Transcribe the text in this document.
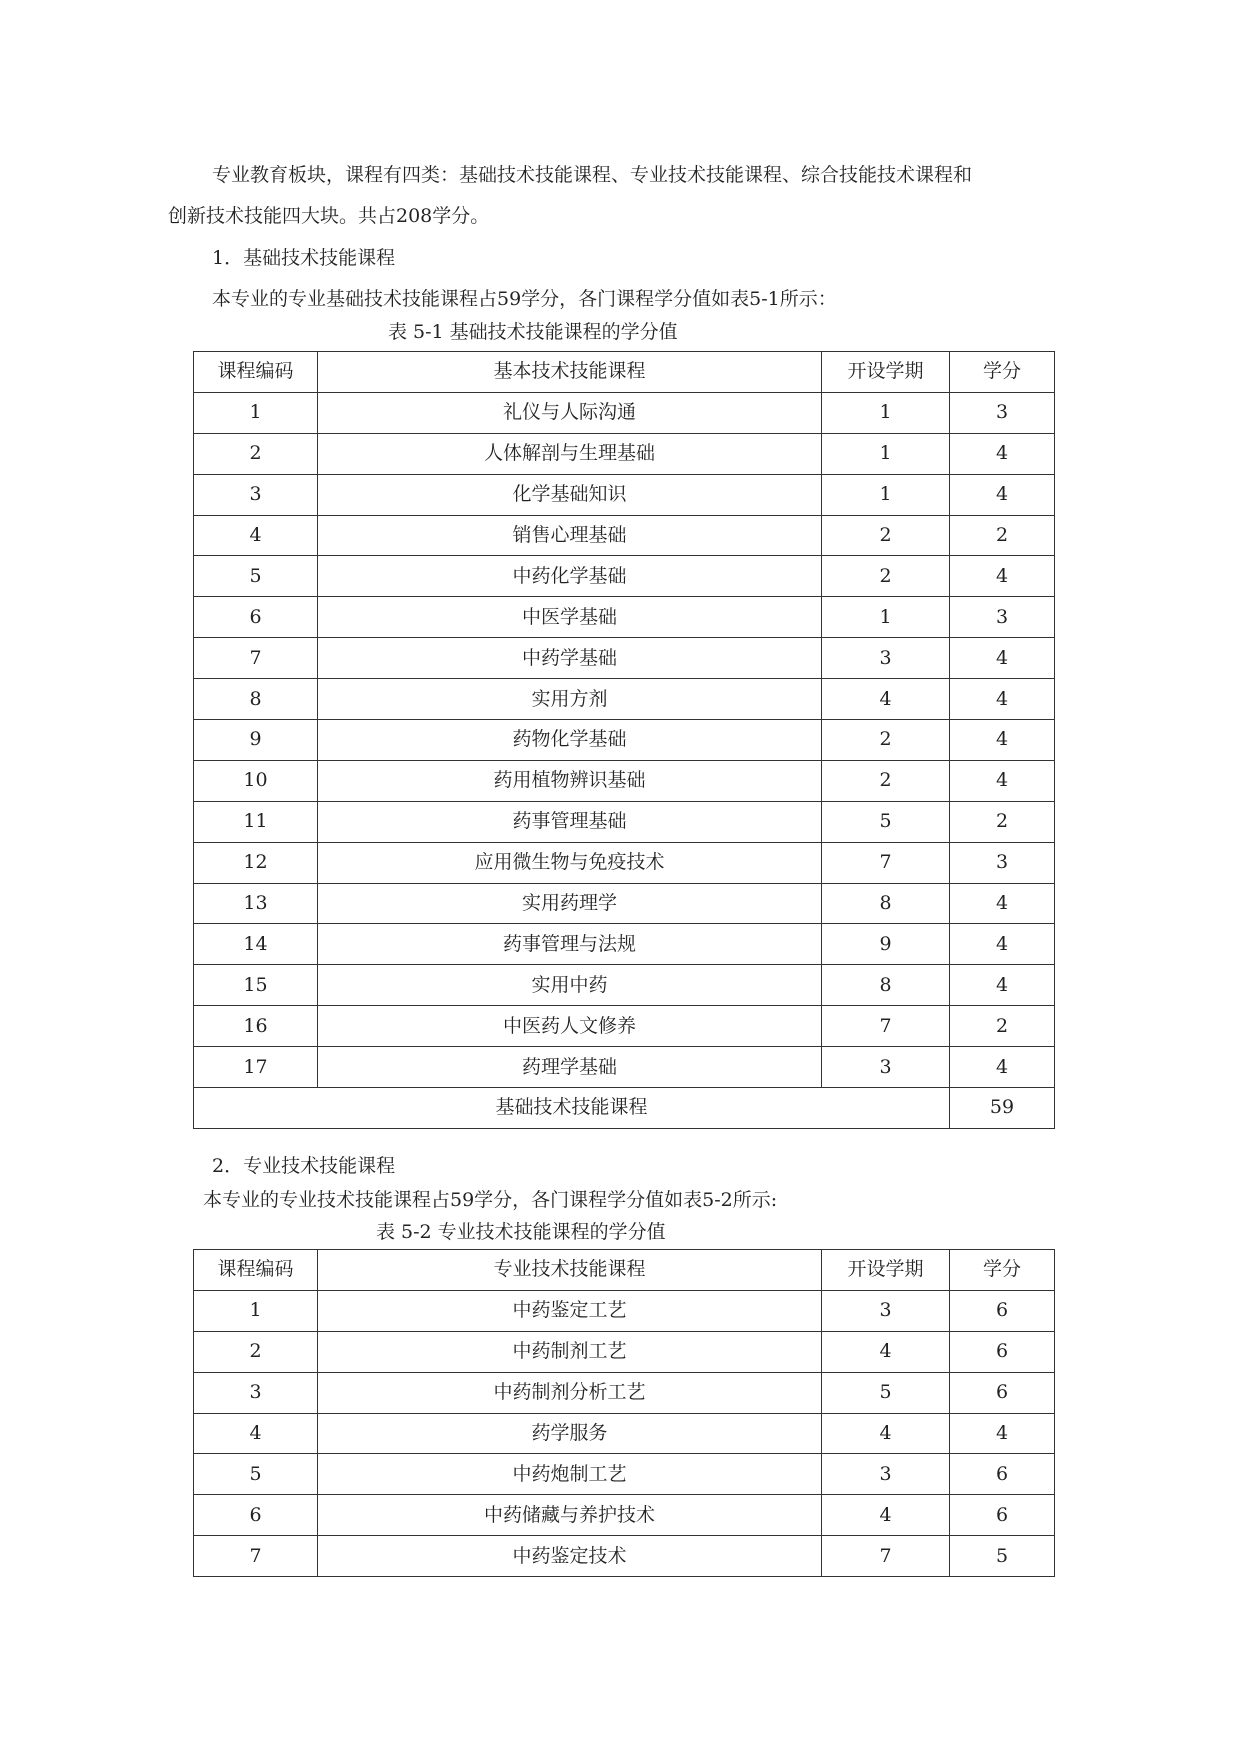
专业教育板块，课程有四类：基础技术技能课程、专业技术技能课程、综合技能技术课程和
创新技术技能四大块。共占208学分。
1．基础技术技能课程
本专业的专业基础技术技能课程占59学分，各门课程学分值如表5-1所示：
表 5-1 基础技术技能课程的学分值
课程编码	基本技术技能课程	开设学期	学分
1	礼仪与人际沟通	1	3
2	人体解剖与生理基础	1	4
3	化学基础知识	1	4
4	销售心理基础	2	2
5	中药化学基础	2	4
6	中医学基础	1	3
7	中药学基础	3	4
8	实用方剂	4	4
9	药物化学基础	2	4
10	药用植物辨识基础	2	4
11	药事管理基础	5	2
12	应用微生物与免疫技术	7	3
13	实用药理学	8	4
14	药事管理与法规	9	4
15	实用中药	8	4
16	中医药人文修养	7	2
17	药理学基础	3	4
基础技术技能课程			59
2．专业技术技能课程
本专业的专业技术技能课程占59学分，各门课程学分值如表5-2所示:
表 5-2 专业技术技能课程的学分值
课程编码	专业技术技能课程	开设学期	学分
1	中药鉴定工艺	3	6
2	中药制剂工艺	4	6
3	中药制剂分析工艺	5	6
4	药学服务	4	4
5	中药炮制工艺	3	6
6	中药储藏与养护技术	4	6
7	中药鉴定技术	7	5
